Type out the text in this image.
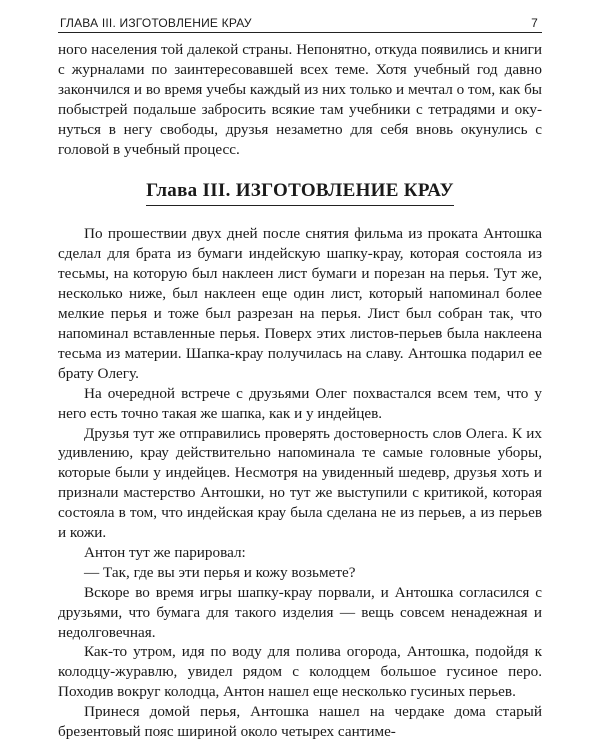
ГЛАВА III. ИЗГОТОВЛЕНИЕ КРАУ	7

ного населения той далекой страны. Непонятно, откуда появились и книги с журналами по заинтересовавшей всех теме. Хотя учебный год давно закончился и во время учебы каждый из них только и мечтал о том, как бы побыстрей подальше забросить всякие там учебники с тетрадями и окунуться в негу свободы, друзья незаметно для себя вновь окунулись с головой в учебный процесс.

Глава III. ИЗГОТОВЛЕНИЕ КРАУ

По прошествии двух дней после снятия фильма из проката Антошка сделал для брата из бумаги индейскую шапку-крау, которая состояла из тесьмы, на которую был наклеен лист бумаги и порезан на перья. Тут же, несколько ниже, был наклеен еще один лист, который напоминал более мелкие перья и тоже был разрезан на перья. Лист был собран так, что напоминал вставленные перья. Поверх этих листов-перьев была наклеена тесьма из материи. Шапка-крау получилась на славу. Антошка подарил ее брату Олегу.

На очередной встрече с друзьями Олег похвастался всем тем, что у него есть точно такая же шапка, как и у индейцев.

Друзья тут же отправились проверять достоверность слов Олега. К их удивлению, крау действительно напоминала те самые головные уборы, которые были у индейцев. Несмотря на увиденный шедевр, друзья хоть и признали мастерство Антошки, но тут же выступили с критикой, которая состояла в том, что индейская крау была сделана не из перьев, а из перьев и кожи.

Антон тут же парировал:

— Так, где вы эти перья и кожу возьмете?

Вскоре во время игры шапку-крау порвали, и Антошка согласился с друзьями, что бумага для такого изделия — вещь совсем ненадежная и недолговечная.

Как-то утром, идя по воду для полива огорода, Антошка, подойдя к колодцу-журавлю, увидел рядом с колодцем большое гусиное перо. Походив вокруг колодца, Антон нашел еще несколько гусиных перьев.

Принеся домой перья, Антошка нашел на чердаке дома старый брезентовый пояс шириной около четырех сантиме-
